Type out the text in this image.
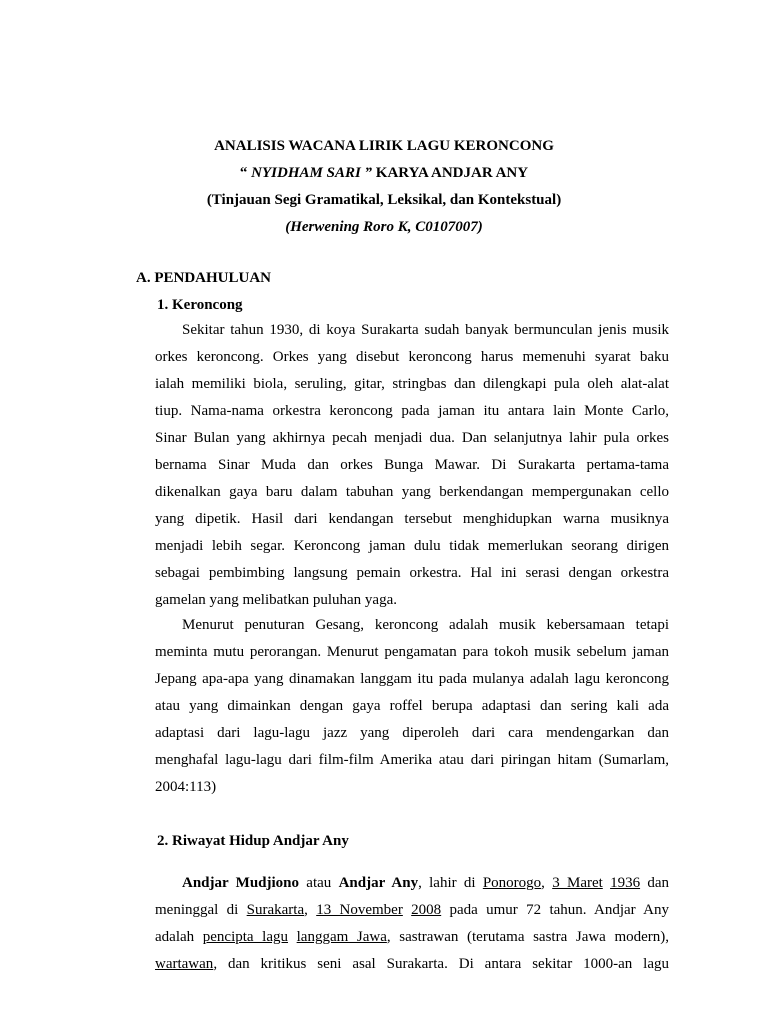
ANALISIS WACANA LIRIK LAGU KERONCONG
“ NYIDHAM SARI ” KARYA ANDJAR ANY
(Tinjauan Segi Gramatikal, Leksikal, dan Kontekstual)
(Herwening Roro K, C0107007)
A. PENDAHULUAN
1. Keroncong
Sekitar tahun 1930, di koya Surakarta sudah banyak bermunculan jenis musik
orkes keroncong. Orkes yang disebut keroncong harus memenuhi syarat baku
ialah memiliki biola, seruling, gitar, stringbas dan dilengkapi pula oleh alat-alat
tiup. Nama-nama orkestra keroncong pada jaman itu antara lain Monte Carlo,
Sinar Bulan yang akhirnya pecah menjadi dua. Dan selanjutnya lahir pula orkes
bernama Sinar Muda dan orkes Bunga Mawar. Di Surakarta pertama-tama
dikenalkan gaya baru dalam tabuhan yang berkendangan mempergunakan cello
yang dipetik. Hasil dari kendangan tersebut menghidupkan warna musiknya
menjadi lebih segar. Keroncong jaman dulu tidak memerlukan seorang dirigen
sebagai pembimbing langsung pemain orkestra. Hal ini serasi dengan orkestra
gamelan yang melibatkan puluhan yaga.
Menurut penuturan Gesang, keroncong adalah musik kebersamaan tetapi
meminta mutu perorangan. Menurut pengamatan para tokoh musik sebelum jaman
Jepang apa-apa yang dinamakan langgam itu pada mulanya adalah lagu keroncong
atau yang dimainkan dengan gaya roffel berupa adaptasi dan sering kali ada
adaptasi dari lagu-lagu jazz yang diperoleh dari cara mendengarkan dan
menghafal lagu-lagu dari film-film Amerika atau dari piringan hitam (Sumarlam,
2004:113)
2. Riwayat Hidup Andjar Any
Andjar Mudjiono atau Andjar Any, lahir di Ponorogo, 3 Maret 1936 dan
meninggal di Surakarta, 13 November 2008 pada umur 72 tahun. Andjar Any
adalah pencipta lagu langgam Jawa, sastrawan (terutama sastra Jawa modern),
wartawan, dan kritikus seni asal Surakarta. Di antara sekitar 1000-an lagu
